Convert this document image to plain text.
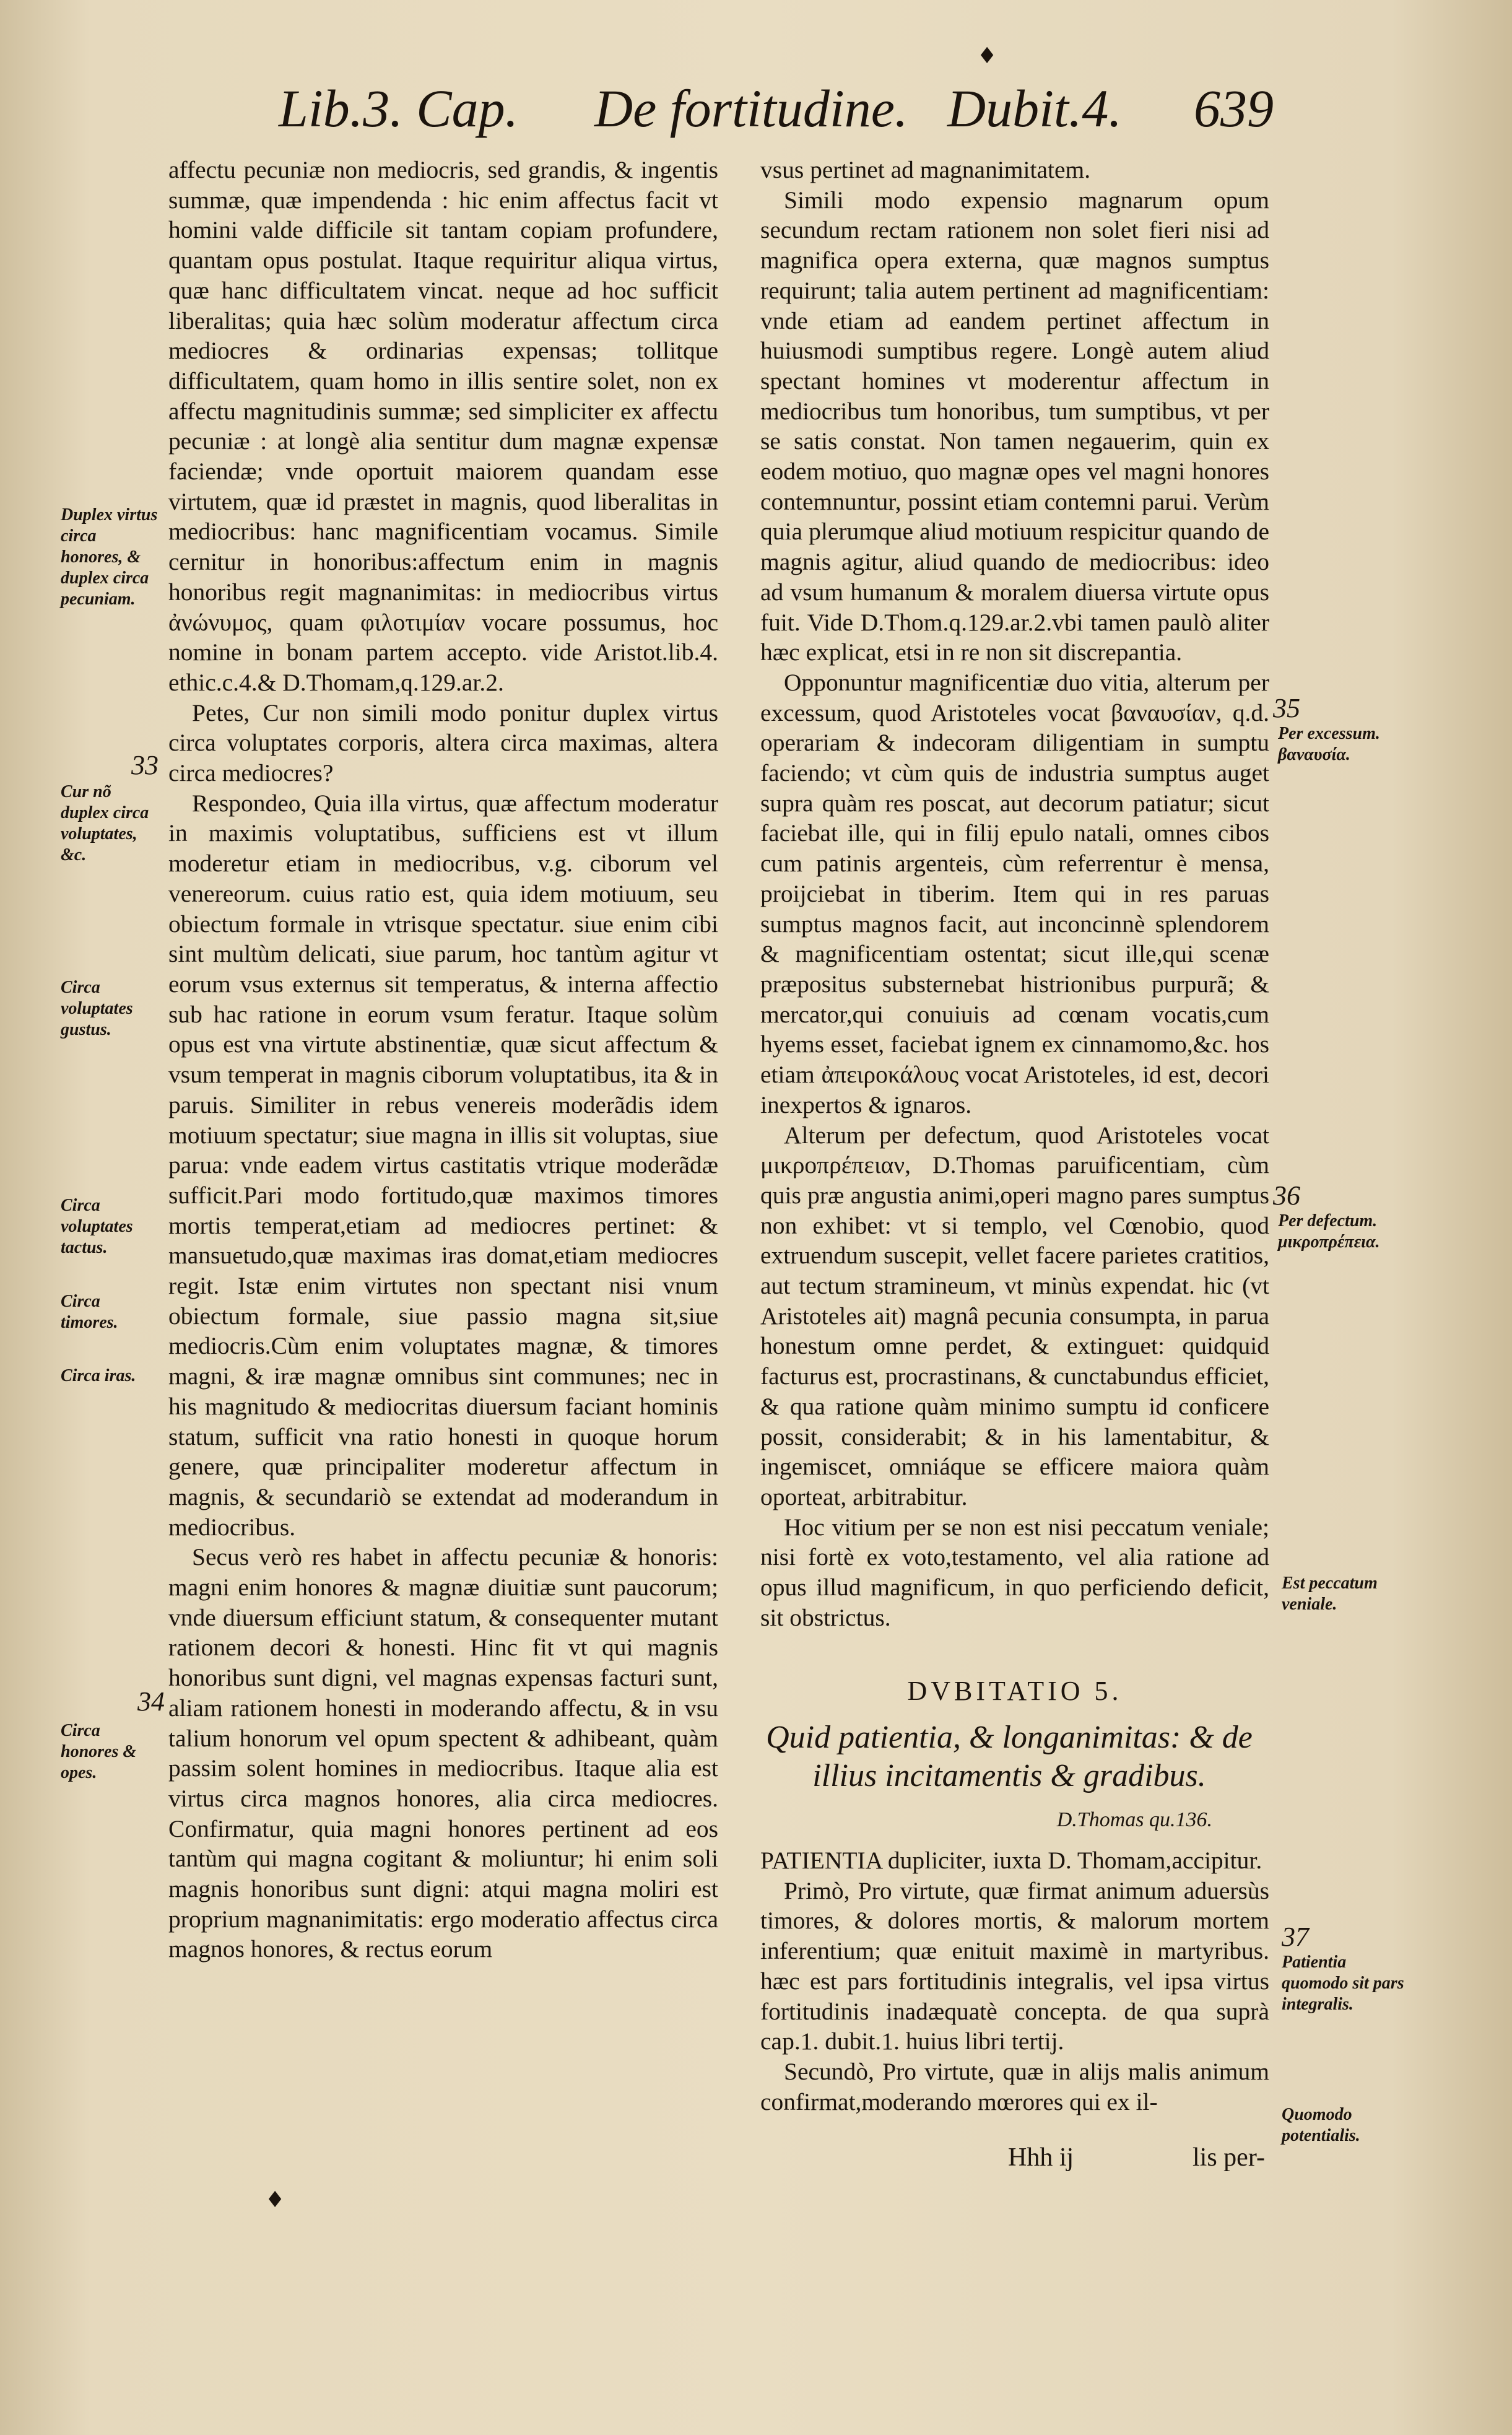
♦
Lib.3. Cap. De fortitudine. Dubit.4. 639

affectu pecuniæ non mediocris, sed grandis, & ingentis summæ, quæ impendenda : hic enim affectus facit vt homini valde difficile sit tantam copiam profundere, quantam opus postulat. Itaque requiritur aliqua virtus, quæ hanc difficultatem vincat. neque ad hoc sufficit liberalitas; quia hæc solùm moderatur affectum circa mediocres & ordinarias expensas; tollitque difficultatem, quam homo in illis sentire solet, non ex affectu magnitudinis summæ; sed simpliciter ex affectu pecuniæ : at longè alia sentitur dum magnæ expensæ faciendæ; vnde oportuit maiorem quandam esse virtutem, quæ id præstet in magnis, quod liberalitas in mediocribus: hanc magnificentiam vocamus. Simile cernitur in honoribus:affectum enim in magnis honoribus regit magnanimitas: in mediocribus virtus ἀνώνυμος, quam φιλοτιμίαν vocare possumus, hoc nomine in bonam partem accepto. vide Aristot.lib.4. ethic.c.4.& D.Thomam,q.129.ar.2.

Petes, Cur non simili modo ponitur duplex virtus circa voluptates corporis, altera circa maximas, altera circa mediocres?

Respondeo, Quia illa virtus, quæ affectum moderatur in maximis voluptatibus, sufficiens est vt illum moderetur etiam in mediocribus, v.g. ciborum vel venereorum. cuius ratio est, quia idem motiuum, seu obiectum formale in vtrisque spectatur. siue enim cibi sint multùm delicati, siue parum, hoc tantùm agitur vt eorum vsus externus sit temperatus, & interna affectio sub hac ratione in eorum vsum feratur. Itaque solùm opus est vna virtute abstinentiæ, quæ sicut affectum & vsum temperat in magnis ciborum voluptatibus, ita & in paruis. Similiter in rebus venereis moderãdis idem motiuum spectatur; siue magna in illis sit voluptas, siue parua: vnde eadem virtus castitatis vtrique moderãdæ sufficit.Pari modo fortitudo,quæ maximos timores mortis temperat,etiam ad mediocres pertinet: & mansuetudo,quæ maximas iras domat,etiam mediocres regit. Istæ enim virtutes non spectant nisi vnum obiectum formale, siue passio magna sit,siue mediocris.Cùm enim voluptates magnæ, & timores magni, & iræ magnæ omnibus sint communes; nec in his magnitudo & mediocritas diuersum faciant hominis statum, sufficit vna ratio honesti in quoque horum generе, quæ principaliter moderetur affectum in magnis, & secundariò se extendat ad moderandum in mediocribus.

Secus verò res habet in affectu pecuniæ & honoris: magni enim honores & magnæ diuitiæ sunt paucorum; vnde diuersum efficiunt statum, & consequenter mutant rationem decori & honesti. Hinc fit vt qui magnis honoribus sunt digni, vel magnas expensas facturi sunt, aliam rationem honesti in moderando affectu, & in vsu talium honorum vel opum spectent & adhibeant, quàm passim solent homines in mediocribus. Itaque alia est virtus circa magnos honores, alia circa mediocres. Confirmatur, quia magni honores pertinent ad eos tantùm qui magna cogitant & moliuntur; hi enim soli magnis honoribus sunt digni: atqui magna moliri est proprium magnanimitatis: ergo moderatio affectus circa magnos honores, & rectus eorum

vsus pertinet ad magnanimitatem.

Simili modo expensio magnarum opum secundum rectam rationem non solet fieri nisi ad magnifica opera externa, quæ magnos sumptus requirunt; talia autem pertinent ad magnificentiam: vnde etiam ad eandem pertinet affectum in huiusmodi sumptibus regere. Longè autem aliud spectant homines vt moderentur affectum in mediocribus tum honoribus, tum sumptibus, vt per se satis constat. Non tamen negauerim, quin ex eodem motiuo, quo magnæ opes vel magni honores contemnuntur, possint etiam contemni parui. Verùm quia plerumque aliud motiuum respicitur quando de magnis agitur, aliud quando de mediocribus: ideo ad vsum humanum & moralem diuersa virtute opus fuit. Vide D.Thom.q.129.ar.2.vbi tamen paulò aliter hæc explicat, etsi in re non sit discrepantia.

Opponuntur magnificentiæ duo vitia, alterum per excessum, quod Aristoteles vocat βαναυσίαν, q.d. operariam & indecoram diligentiam in sumptu faciendo; vt cùm quis de industria sumptus auget supra quàm res poscat, aut decorum patiatur; sicut faciebat ille, qui in filij epulo natali, omnes cibos cum patinis argenteis, cùm referrentur è mensa, proijciebat in tiberim. Item qui in res paruas sumptus magnos facit, aut inconcinnè splendorem & magnificentiam ostentat; sicut ille,qui scenæ præpositus substernebat histrionibus purpurã; & mercator,qui conuiuis ad cœnam vocatis,cum hyems esset, faciebat ignem ex cinnamomo,&c. hos etiam ἀπειροκάλους vocat Aristoteles, id est, decori inexpertos & ignaros.

Alterum per defectum, quod Aristoteles vocat μικροπρέπειαν, D.Thomas paruificentiam, cùm quis præ angustia animi,operi magno pares sumptus non exhibet: vt si templo, vel Cœnobio, quod extruendum suscepit, vellet facere parietes cratitios, aut tectum stramineum, vt minùs expendat. hic (vt Aristoteles ait) magnâ pecunia consumpta, in parua honestum omne perdet, & extinguet: quidquid facturus est, procrastinans, & cunctabundus efficiet, & qua ratione quàm minimo sumptu id conficere possit, considerabit; & in his lamentabitur, & ingemiscet, omniáque se efficere maiora quàm oporteat, arbitrabitur.

Hoc vitium per se non est nisi peccatum veniale; nisi fortè ex voto,testamento, vel alia ratione ad opus illud magnificum, in quo perficiendo deficit, sit obstrictus.

DVBITATIO 5.
Quid patientia, & longanimitas: & de illius incitamentis & gradibus.
D.Thomas qu.136.

PATIENTIA dupliciter, iuxta D. Thomam,accipitur.

Primò, Pro virtute, quæ firmat animum aduersùs timores, & dolores mortis, & malorum mortem inferentium; quæ enituit maximè in martyribus. hæc est pars fortitudinis integralis, vel ipsa virtus fortitudinis inadæquatè concepta. de qua suprà cap.1. dubit.1. huius libri tertij.

Secundò, Pro virtute, quæ in alijs malis animum confirmat,moderando mœrores qui ex il-

Hhh ij	lis per-
♦
Duplex virtus circa honores, & duplex circa pecuniam.
33
Cur nõ duplex circa voluptates, &c.
Circa voluptates gustus.
Circa voluptates tactus.
Circa timores.
Circa iras.
34
Circa honores & opes.
35
Per excessum. βαναυσία.
36
Per defectum. μικροπρέπεια.
Est peccatum veniale.
37
Patientia quomodo sit pars integralis.
Quomodo potentialis.
